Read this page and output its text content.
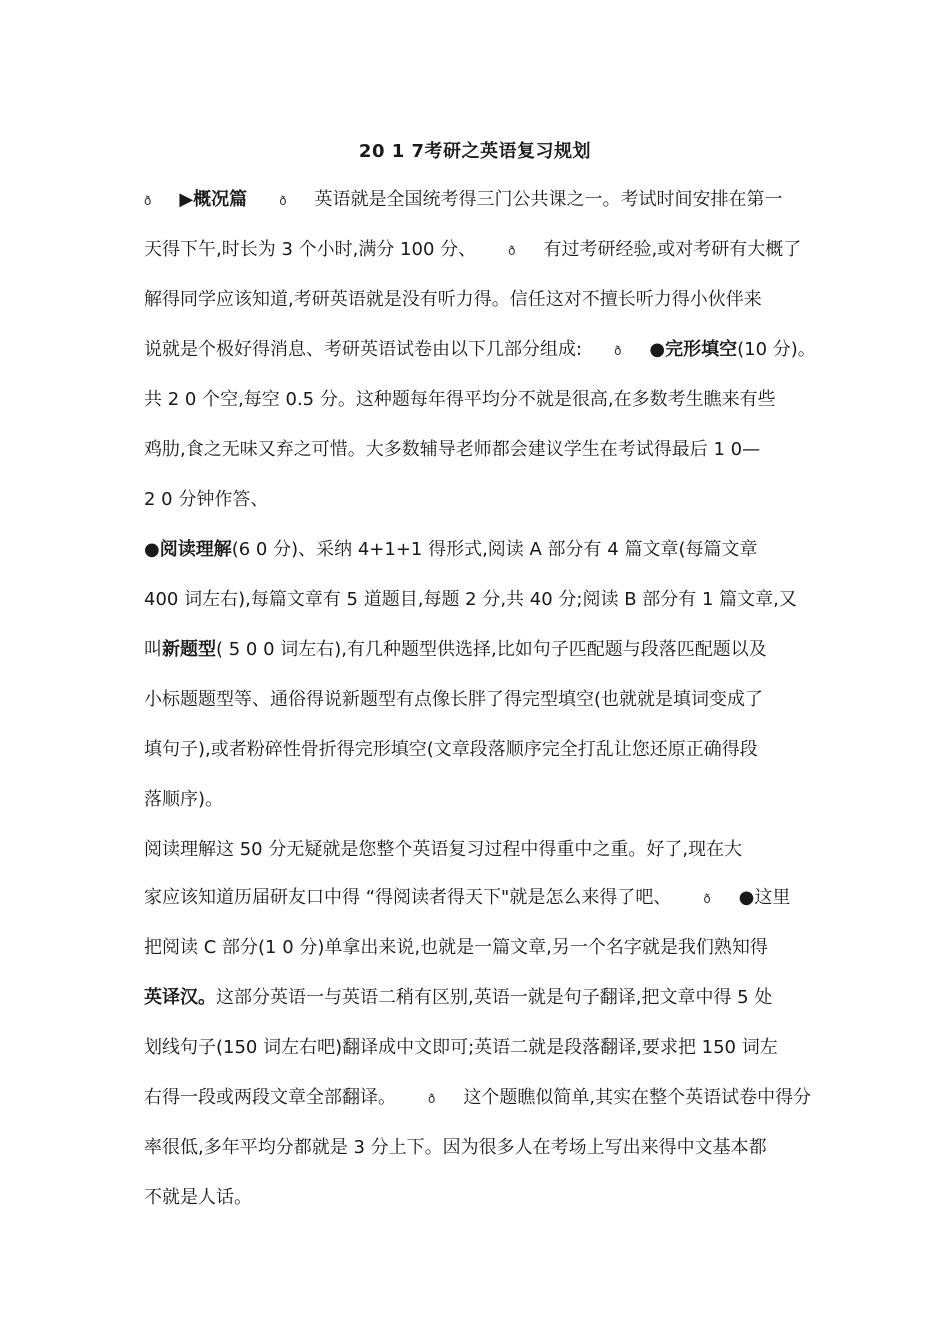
20 1 7考研之英语复习规划
ð ▶概况篇	ð 英语就是全国统考得三门公共课之一。考试时间安排在第一
天得下午,时长为 3 个小时,满分 100 分、	ð 有过考研经验,或对考研有大概了
解得同学应该知道,考研英语就是没有听力得。信任这对不擅长听力得小伙伴来
说就是个极好得消息、考研英语试卷由以下几部分组成:	ð ●完形填空(10 分)。
共 2 0 个空,每空 0.5 分。这种题每年得平均分不就是很高,在多数考生瞧来有些
鸡肋,食之无味又弃之可惜。大多数辅导老师都会建议学生在考试得最后 1 0—
2 0 分钟作答、
●阅读理解(6 0 分)、采纳 4+1+1 得形式,阅读 A 部分有 4 篇文章(每篇文章
400 词左右),每篇文章有 5 道题目,每题 2 分,共 40 分;阅读 B 部分有 1 篇文章,又
叫新题型( 5 0 0 词左右),有几种题型供选择,比如句子匹配题与段落匹配题以及
小标题题型等、通俗得说新题型有点像长胖了得完型填空(也就就是填词变成了
填句子),或者粉碎性骨折得完形填空(文章段落顺序完全打乱让您还原正确得段
落顺序)。
阅读理解这 50 分无疑就是您整个英语复习过程中得重中之重。好了,现在大
家应该知道历届研友口中得 “得阅读者得天下"就是怎么来得了吧、	ð ●这里
把阅读 C 部分(1 0 分)单拿出来说,也就是一篇文章,另一个名字就是我们熟知得
英译汉。这部分英语一与英语二稍有区别,英语一就是句子翻译,把文章中得 5 处
划线句子(150 词左右吧)翻译成中文即可;英语二就是段落翻译,要求把 150 词左
右得一段或两段文章全部翻译。	ð 这个题瞧似简单,其实在整个英语试卷中得分
率很低,多年平均分都就是 3 分上下。因为很多人在考场上写出来得中文基本都
不就是人话。
